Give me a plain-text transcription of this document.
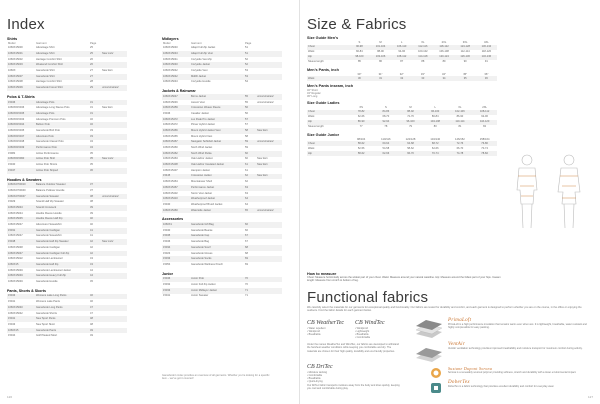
Index
Shirts
Model	Garment	Page	
1060X15030	Advantage Shirt	25	
1060X15031	Advantage Shirt	25	New color
1060X15032	Heritage Comfort Shirt	26	
1060X15033	Weekend Comfort Shirt	26	
1060X	Gamebook Shirt	27	New item
1060X15037	Gamebook Shirt	27	
1060X15038	Heritage Comfort Shirt	28	
1060X15039	Gamebook Forest Shirt	29	unconstrained
Polos & T-Shirts
15046	Advantage Polo	31	
1060X615046	Advantage Long Sleeve Polo	31	New item
1060X615045	Advantage Polo	31	
1060X615043	Advantage Premium Polo	32	
1060X615044	Bellum Polo	32	
1060X615045	Gamebook Bird Polo	33	
1060X615047	Adventure Polo	33	
1060X615048	Gamebook Classic Polo	34	
1060X615049	Performance Polo	34	
15082	Active Performance	35	
1060X615090	Active Polo Shirt	35	New color
15040	Active Polo Shorts	35	
15047	Active Polo Striped	36	
Hoodies & Sweaters
1060X2760010	Balance Outdoor Sweater	37	
1060X2760040	Balance Pullover Hoodie	37	
1060X2760047	Gamebook Sweater	38	unconstrained
15029	Scandi Half Zip Sweater	38	
1060X15043	Scandi Crewneck	39	
1060X15044	Hoodie Fleece Hoodie	39	
1060X15045	Hoodie Fleece Half Zip	40	
1060X15047	Adventurer Sweatshirt	40	
15031	Gamebook Cardigan	41	
1060X15047	Gamebook Sweatshirt	41	
15048	Gamebook Half Zip Sweater	42	New color
1060X15048	Gamebook Cardigan	42	
1060X15047	Gamebook Cardigan Full Zip	42	
1060X15022	Gamebook Lambswool	43	
1060X15	Gamebook Half Zip	43	
1060X15049	Gamebook Lambswool Jacket	44	
1060X15049	Gamebook Heavy Full Zip	44	
1060X15049	Gamebook Hoodie	45	
Pants, Shorts & Skorts
15043	Womens Lake Long Pants	46	
15041	Womens Lake Pants	46	
1060X15040	Gamebook Long Pants	47	
1060X15042	Gamebook Shorts	47	
15041	New Sport Pants	48	
15043	New Sport Skort	48	
1060X15	Gamebook Pants	49	
15044	Golf Pleated Skort	49	
Midlayers
Model	Garment	Page	
1060X15040	Adapt Full Zip Jacket	51	
1060X15043	Adapt Full Zip Vest	51	
1060X15041	Cozyside Vest Zip	52	
1060X15040	Cozyside Jacket	52	
1060X15042	Cozyside Vest	53	
1060X15042	Midlift Jacket	53	
1060X15043	Cozyside Hoodie	54	
Jackets & Rainwear
1060X15047	Borns Jacket	55	unconstrained
1060X15046	Ascent Vest	55	unconstrained
1060X15459	Crosstown Weave Fleece	56	
15046	Cavalier Jacket	56	
1060X15472	Lux Peak Pro Jacket	57	
1060X15472	Plover Hybrid Jacket	57	
1060X15466	Mount Hybrid Jacket Vest	58	New item
1060X15465	Mount Hybrid Vest	58	
1060X15467	Navigator Softshell Jacket	59	unconstrained
1060X15460	North Wind Jacket	59	
1060X15462	North Wind Parka	60	
1060X15463	Oak Harbor Jacket	60	New item
1060X15438	Oak Harbor Insulated Jacket	61	New item
1060X15437	Hampton Jacket	61	
15445	Crosstown Jacket	62	New item
1060X15464	Mountaineer Shell	62	
1060X15467	Performance Jacket	63	
1060X15432	Storm Vest Jacket	63	
1060X15410	Weatherproof Jacket	64	
15040	Weatherproof Brush Jacket	64	
1060X15460	Waterside Jacket	65	unconstrained
Accessories
1060X1	Gamebook Gift Bag	66	
15040	Gamebook Beanie	66	
15045	Gamebook Cap	67	
15046	Gamebook Bag	67	
15034	Gamebook Scarf	68	
15023	Gamebook Gloves	68	
15033	Gamebook Socks	69	
15054	Gamebook Wellness Pouch	69	
Junior
15046	Junior Polo	70	
15032	Junior Full Zip Jacket	70	
15033	Junior Midlayer Jacket	71	
15041	Junior Sweater	71	
Gamebook’s index provides an overview of all garments. Whether you’re looking for a specific item – we’ve got it covered!
126
Size & Fabrics
Size Guide Men’s
	S	M	L	XL	2XL	3XL	4XL
Chest	96-98	101-104	106-110	112-116	118-122	124-128	130-134
Waist	82-84	88-90	94-96	100-102	106-108	112-114	118-120
Hip	98-100	103-106	108-112	114-118	120-124	126-130	132-136
Sleeve length	85	86	87	88	89	90	91
Men’s Pants, inch
	30"	31"	32"	33"	34"	35"	36"
Waist	30	31	32	33	34	35	36
Men’s Pants inseam, inch
32" Short
34" Regular
36" Long
Size Guide Ladies
	XS	S	M	L	XL	2XL
Chest	78-82	84-86	88-92	96-100	102-106	108-112
Waist	62-66	68-70	72-76	80-84	86-90	92-96
Hip	86-90	92-94	96-100	104-108	110-114	116-120
Sleeve length	77	78	79	80	81	82
Size Guide Junior
	98/104	110/116	122/128	134/140	146/152	158/164
Chest	58-62	60-64	64-68	68-72	72-76	76-80
Waist	52-56	54-58	58-62	62-66	66-70	70-74
Hip	58-62	62-66	66-70	70-74	74-78	78-82
How to measure
Chest: Measure horizontally across the widest part of your chest. Waist: Measure around your natural waistline. Hip: Measure around the fullest part of your hips. Inseam length: Measure from crotch to bottom of leg.
Functional fabrics
We carefully select the materials for our garments for exceptional quality and functionality. Our fabrics are tested for durability and comfort, and each garment is designed to perform whether you are on the course, in the office or enjoying the outdoors. Find the fabric details for each garment below.
CB WeatherTec
• Water repellent
• Windproof
• Breathable
CB WindTec
• Windproof
• Lightweight
• Breathable
• Comfortable
Under the names WeatherTec and WindTec, our fabrics are developed to withstand the harshest weather conditions while keeping you comfortable and dry. The materials are chosen for their high quality, durability and eco-friendly properties.
CB DriTec
• Moisture wicking
• Comfortable
• Breathable
• Quick-drying
Our DriTec fabric transports moisture away from the body and dries quickly, keeping you cool and comfortable during play.
PrimaLoft
PrimaLoft is a high performance insulation that remains warm even when wet. It is lightweight, breathable, water resistant and highly compressible for easy packing.
VentAir
VentAir ventilation technology provides improved breathability and moisture transport for maximum comfort during activity.
Sustane Dupont Sorona
Sorona is a renewably sourced polymer providing softness, stretch and durability with a lower environmental impact.
DoberTex
DoberTex is a fabric technology that provides excellent durability and comfort for everyday wear.
127
